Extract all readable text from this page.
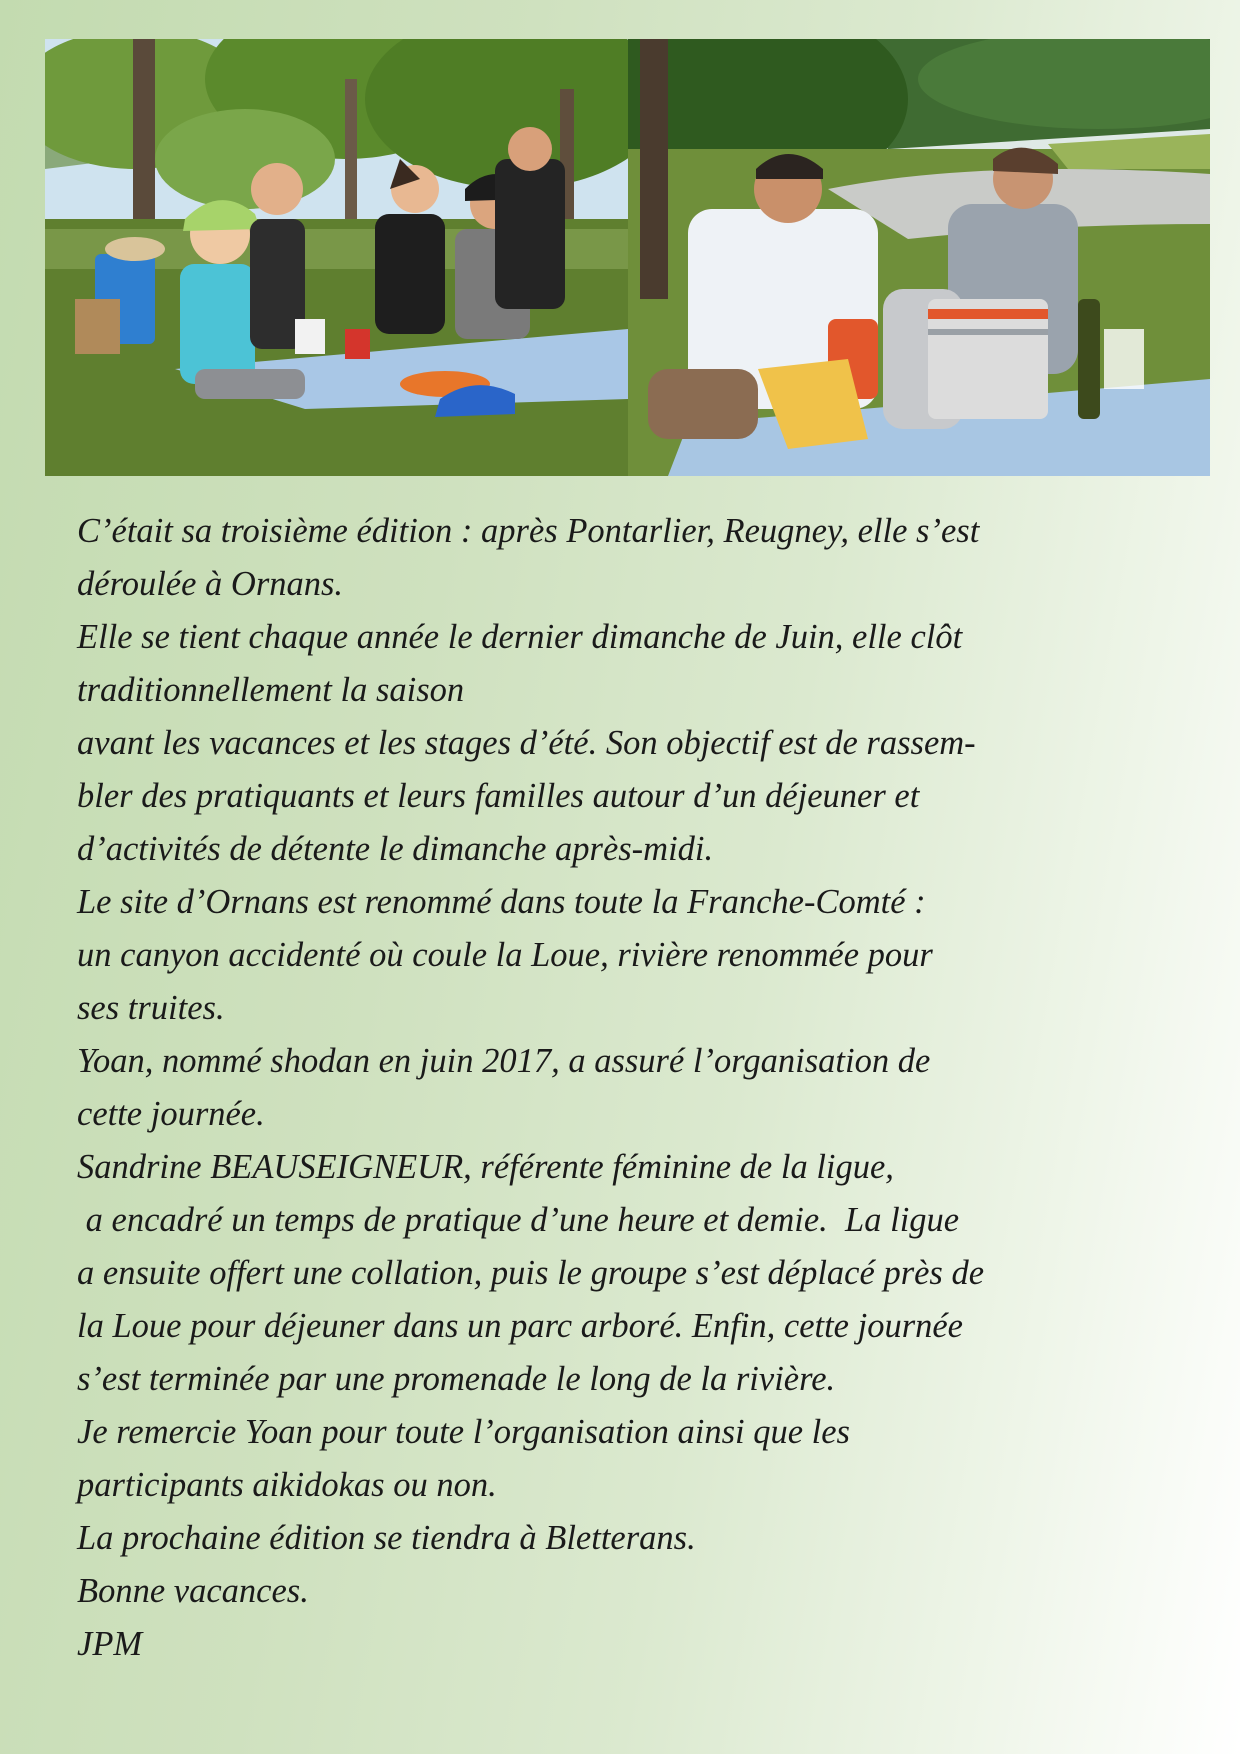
C’était sa troisième édition : après Pontarlier, Reugney, elle s’est

déroulée à Ornans.

Elle se tient chaque année le dernier dimanche de Juin, elle clôt

traditionnellement la saison

avant les vacances et les stages d’été. Son objectif est de rassem-

bler des pratiquants et leurs familles autour d’un déjeuner et

d’activités de détente le dimanche après-midi.

Le site d’Ornans est renommé dans toute la Franche-Comté :

un canyon accidenté où coule la Loue, rivière renommée pour

ses truites.

Yoan, nommé shodan en juin 2017, a assuré l’organisation de

cette journée.

Sandrine BEAUSEIGNEUR, référente féminine de la ligue,

a encadré un temps de pratique d’une heure et demie.  La ligue

a ensuite offert une collation, puis le groupe s’est déplacé près de

la Loue pour déjeuner dans un parc arboré. Enfin, cette journée

s’est terminée par une promenade le long de la rivière.

Je remercie Yoan pour toute l’organisation ainsi que les

participants aikidokas ou non.

La prochaine édition se tiendra à Bletterans.

Bonne vacances.

JPM
